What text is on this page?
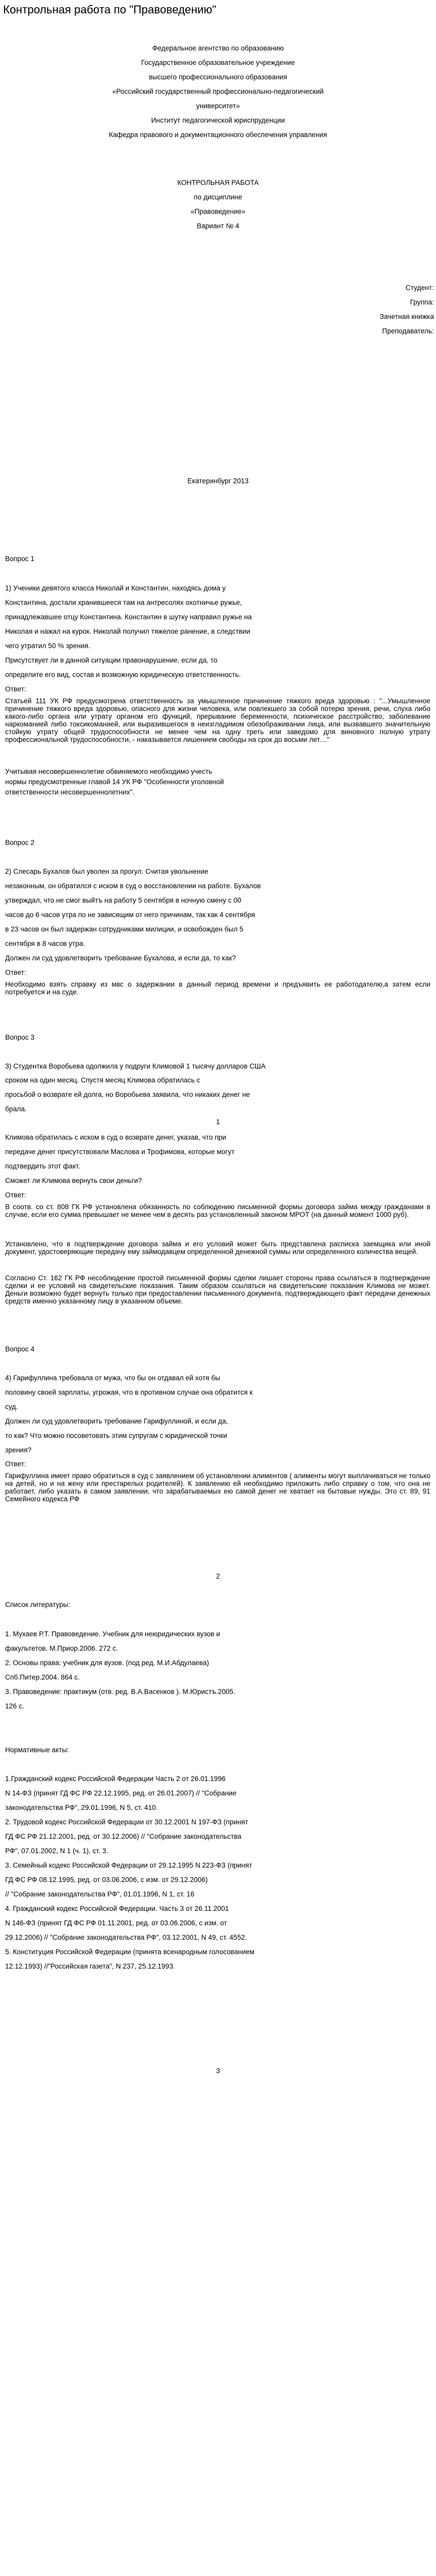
Контрольная работа по "Правоведению"
Федеральное агентство по образованию
Государственное образовательное учреждение
высшего профессионального образования
«Российский государственный профессионально-педагогический
университет»
Институт педагогической юриспруденции
Кафедра правового и документационного обеспечения управления
КОНТРОЛЬНАЯ РАБОТА
по дисциплине
«Правоведение»
Вариант № 4
Студент:
Группа:
Зачетная книжка
Преподаватель:
Екатеринбург 2013
Вопрос 1
1) Ученики девятого класса Николай и Константин, находясь дома у
Константина, достали хранившееся там на антресолях охотничье ружье,
принадлежавшее отцу Константина. Константин в шутку направил ружье на
Николая и нажал на курок. Николай получил тяжелое ранение, в следствии
чего утратил 50 % зрения.
Присутствует ли в данной ситуации правонарушение, если да, то
определите его вид, состав и возможную юридическую ответственность.
Ответ:
Статьей 111 УК РФ предусмотрена ответственность за умышленное причинение тяжкого вреда здоровью : "...Умышленное причинение тяжкого вреда здоровью, опасного для жизни человека, или повлекшего за собой потерю зрения, речи, слуха либо какого-либо органа или утрату органом его функций, прерывание беременности, психическое расстройство, заболевание наркоманией либо токсикоманией, или выразившегося в неизгладимом обезображивании лица, или вызвавшего значительную стойкую утрату общей трудоспособности не менее чем на одну треть или заведомо для виновного полную утрату профессиональной трудоспособности, - наказывается лишением свободы на срок до восьми лет...."
Учитывая несовершеннолетие обвиняемого необходимо учесть
нормы предусмотренные главой 14 УК РФ "Особенности уголовной
ответственности несовершеннолетних".
Вопрос 2
2) Слесарь Бухалов был уволен за прогул. Считая увольнение
незаконным, он обратился с иском в суд о восстановлении на работе. Бухалов
утверждал, что не смог выйтъ на работу 5 сентября в ночную смену с 00
часов до 6 часов утра по не зависящим от него причинам, так как 4 сентября
в 23 часов он был задержан сотрудниками милиции, и освобожден был 5
сентября в 8 часов утра.
Должен ли суд удовлетворить требование Бухалова, и если да, то как?
Ответ:
Необходимо взять справку из мвс о задержании в данный период времени и предъявить ее работодателю,а затем если потребуется и на суде.
Вопрос 3
3) Студентка Воробьева одолжила у подруги Климовой 1 тысячу долларов США
сроком на один месяц. Спустя месяц Климова обратилась с
просьбой о возврате ей долга, но Воробьева заявила, что никаких денег не
брала.
1
Климова обратилась с иском в суд о возврате денег, указав, что при
передаче денег присутствовали Маслова и Трофимова, которые могут
подтвердить этот факт.
Сможет ли Климова вернуть свои деньги?
Ответ:
В соотв. со ст. 808 ГК РФ установлена обязанность по соблюдению письменной формы договора займа между гражданами в случае, если его сумма превышает не менее чем в десять раз установленный законом МРОТ (на данный момент 1000 руб).
Установлено, что в подтверждение договора займа и его условий может быть представлена расписка заемщика или иной документ, удостоверяющие передачу ему займодавцем определенной денежной суммы или определенного количества вещей.
Согласно Ст. 162 ГК РФ несоблюдение простой письменной формы сделки лишает стороны права ссылаться в подтверждение сделки и ее условий на свидетельские показания. Таким образом ссылаться на свидетельские показания Климова не может. Деньги возможно будет вернуть только при предоставлении письменного документа, подтверждающего факт передачи денежных средств именно указанному лицу в указанном объеме.
Вопрос 4
4) Гарифуллина требовала от мужа, что бы он отдавал ей хотя бы
половину своей зарплаты, угрожая, что в противном случае она обратится к
суд.
Должен ли суд удовлетворить требование Гарифуллиной, и если да,
то как? Что можно посоветовать этим супругам с юридической точки
зрения?
Ответ:
Гарифуллина имеет право обратиться в суд с заявлением об установлении алиментов ( алименты могут выплачиваться не только на детей, но и на жену или престарелых родителей). К заявлению ей необходимо приложить либо справку о том, что она не работает, либо указать в самом заявлении, что зарабатываемых ею самой денег не хватает на бытовые нужды. Это ст. 89, 91 Семейного кодекса РФ
2
Список литературы:
1. Мухаев Р.Т. Правоведение. Учебник для неюридических вузов и
факультетов. М.Приор.2006. 272 с.
2. Основы права: учебник для вузов. (под ред. М.И.Абдулаева)
Спб.Питер.2004. 864 с.
3. Правоведение: практикум (отв. ред. В.А.Васенков ). М.Юристъ.2005.
126 с.
Нормативные акты:
1.Гражданский кодекс Российской Федерации Часть 2 от 26.01.1996
N 14-ФЗ (принят ГД ФС РФ 22.12.1995, ред. от 26.01.2007) // "Собрание
законодательства РФ", 29.01.1996, N 5, ст. 410.
2. Трудовой кодекс Российской Федерации от 30.12.2001 N 197-ФЗ (принят
ГД ФС РФ 21.12.2001, ред. от 30.12.2006) // "Собрание законодательства
РФ", 07.01.2002, N 1 (ч. 1), ст. 3.
3. Семейный кодекс Российской Федерации от 29.12.1995 N 223-ФЗ (принят
ГД ФС РФ 08.12.1995, ред. от 03.06.2006, с изм. от 29.12.2006)
// "Собрание законодательства РФ", 01.01.1996, N 1, ст. 16
4. Гражданский кодекс Российской Федерации. Часть 3 от 26.11.2001
N 146-ФЗ (принят ГД ФС РФ 01.11.2001, ред. от 03.06.2006, с изм. от
29.12.2006) // "Собрание законодательства РФ", 03.12.2001, N 49, ст. 4552.
5. Конституция Российской Федерации (принята всенародным голосованием
12.12.1993) //"Российская газета", N 237, 25.12.1993.
3
